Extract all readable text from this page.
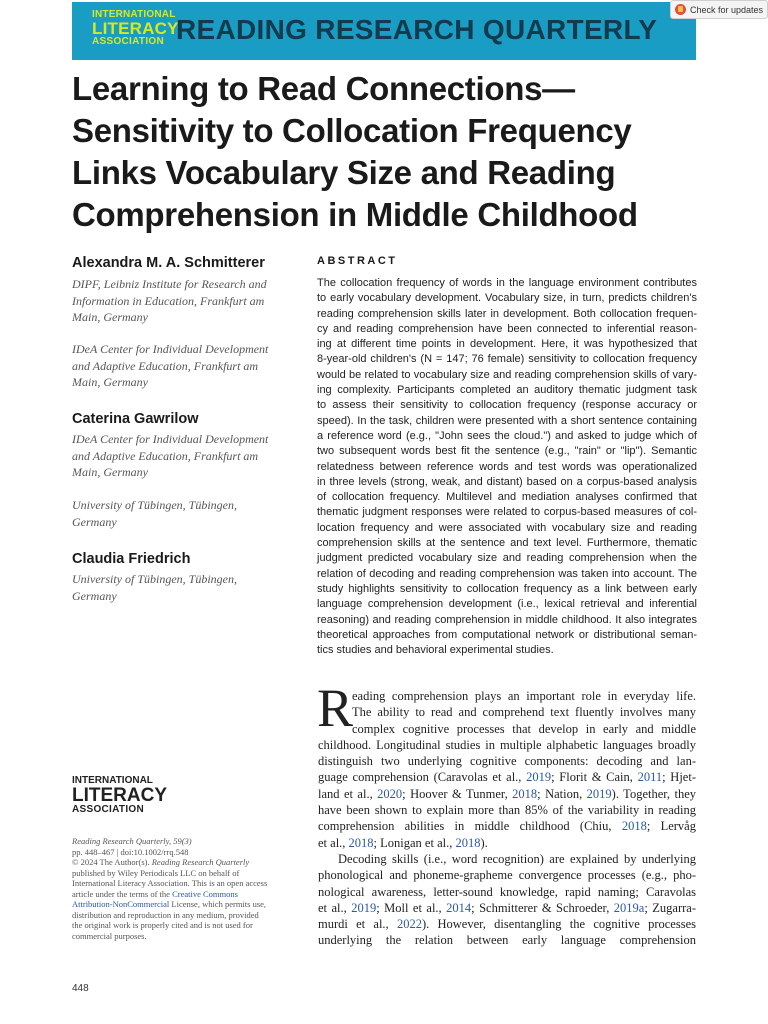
INTERNATIONAL
LITERACY
ASSOCIATION READING RESEARCH QUARTERLY
Check for updates
Learning to Read Connections—
Sensitivity to Collocation Frequency
Links Vocabulary Size and Reading
Comprehension in Middle Childhood
Alexandra M. A. Schmitterer
DIPF, Leibniz Institute for Research and
Information in Education, Frankfurt am
Main, Germany
IDeA Center for Individual Development
and Adaptive Education, Frankfurt am
Main, Germany
Caterina Gawrilow
IDeA Center for Individual Development
and Adaptive Education, Frankfurt am
Main, Germany
University of Tübingen, Tübingen,
Germany
Claudia Friedrich
University of Tübingen, Tübingen,
Germany
ABSTRACT
The collocation frequency of words in the language environment contributes
to early vocabulary development. Vocabulary size, in turn, predicts children's
reading comprehension skills later in development. Both collocation frequen-
cy and reading comprehension have been connected to inferential reason-
ing at different time points in development. Here, it was hypothesized that
8-year-old children's (N = 147; 76 female) sensitivity to collocation frequency
would be related to vocabulary size and reading comprehension skills of vary-
ing complexity. Participants completed an auditory thematic judgment task
to assess their sensitivity to collocation frequency (response accuracy or
speed). In the task, children were presented with a short sentence containing
a reference word (e.g., "John sees the cloud.") and asked to judge which of
two subsequent words best fit the sentence (e.g., "rain" or "lip"). Semantic
relatedness between reference words and test words was operationalized
in three levels (strong, weak, and distant) based on a corpus-based analysis
of collocation frequency. Multilevel and mediation analyses confirmed that
thematic judgment responses were related to corpus-based measures of col-
location frequency and were associated with vocabulary size and reading
comprehension skills at the sentence and text level. Furthermore, thematic
judgment predicted vocabulary size and reading comprehension when the
relation of decoding and reading comprehension was taken into account. The
study highlights sensitivity to collocation frequency as a link between early
language comprehension development (i.e., lexical retrieval and inferential
reasoning) and reading comprehension in middle childhood. It also integrates
theoretical approaches from computational network or distributional seman-
tics studies and behavioral experimental studies.
R
eading comprehension plays an important role in everyday life.
The ability to read and comprehend text fluently involves many
complex cognitive processes that develop in early and middle
childhood. Longitudinal studies in multiple alphabetic languages broadly
distinguish two underlying cognitive components: decoding and lan-
guage comprehension (Caravolas et al., 2019; Florit & Cain, 2011; Hjet-
land et al., 2020; Hoover & Tunmer, 2018; Nation, 2019). Together, they
have been shown to explain more than 85% of the variability in reading
comprehension abilities in middle childhood (Chiu, 2018; Lervåg
et al., 2018; Lonigan et al., 2018).
Decoding skills (i.e., word recognition) are explained by underlying
phonological and phoneme-grapheme convergence processes (e.g., pho-
nological awareness, letter-sound knowledge, rapid naming; Caravolas
et al., 2019; Moll et al., 2014; Schmitterer & Schroeder, 2019a; Zugarra-
murdi et al., 2022). However, disentangling the cognitive processes
underlying the relation between early language comprehension
INTERNATIONAL
LITERACY
ASSOCIATION
Reading Research Quarterly, 59(3)
pp. 448–467 | doi:10.1002/rrq.548
© 2024 The Author(s). Reading Research Quarterly
published by Wiley Periodicals LLC on behalf of
International Literacy Association. This is an open access
article under the terms of the Creative Commons
Attribution-NonCommercial License, which permits use,
distribution and reproduction in any medium, provided
the original work is properly cited and is not used for
commercial purposes.
448
